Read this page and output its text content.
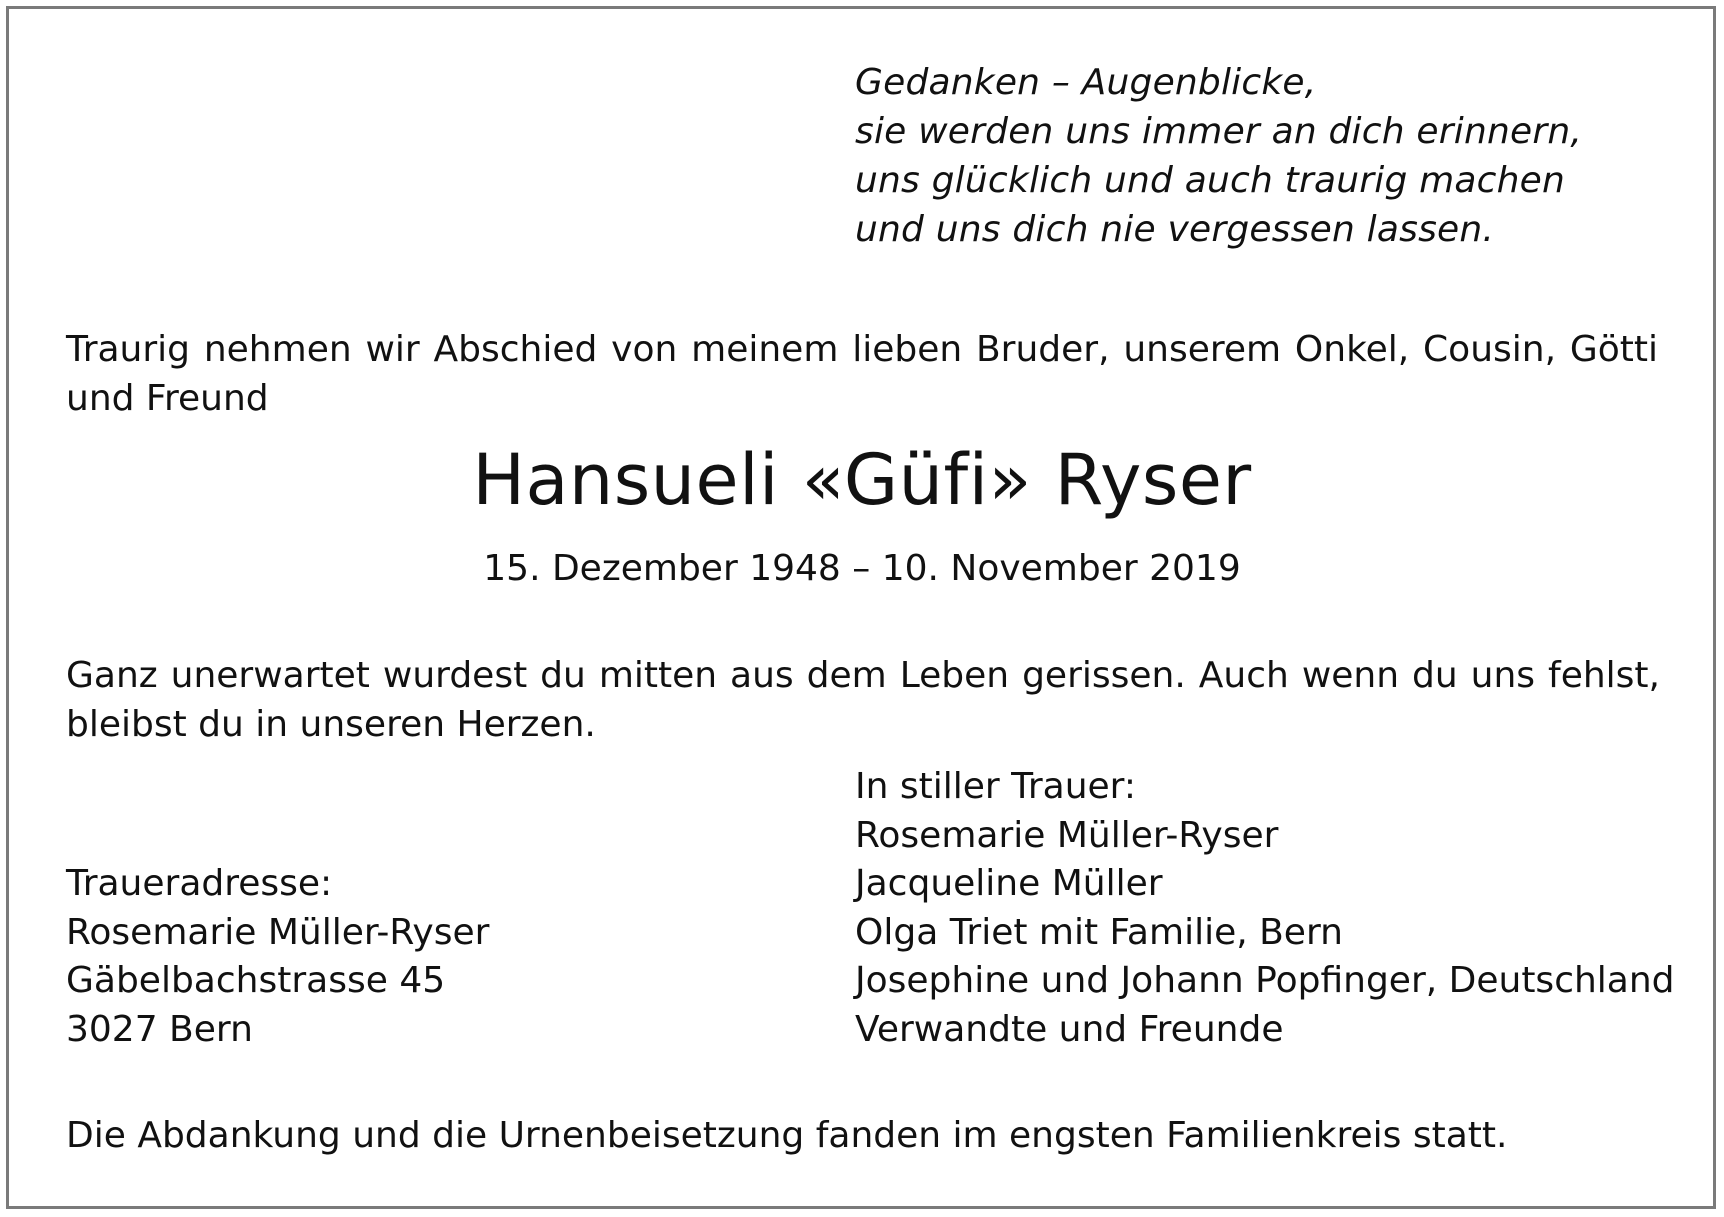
Gedanken – Augenblicke,
sie werden uns immer an dich erinnern,
uns glücklich und auch traurig machen
und uns dich nie vergessen lassen.
Traurig nehmen wir Abschied von meinem lieben Bruder, unserem Onkel, Cousin, Götti und Freund
Hansueli «Güfi» Ryser
15. Dezember 1948 – 10. November 2019
Ganz unerwartet wurdest du mitten aus dem Leben gerissen. Auch wenn du uns fehlst, bleibst du in unseren Herzen.
In stiller Trauer:
Rosemarie Müller-Ryser
Jacqueline Müller
Olga Triet mit Familie, Bern
Josephine und Johann Popfinger, Deutschland
Verwandte und Freunde
Traueradresse:
Rosemarie Müller-Ryser
Gäbelbachstrasse 45
3027 Bern
Die Abdankung und die Urnenbeisetzung fanden im engsten Familienkreis statt.
